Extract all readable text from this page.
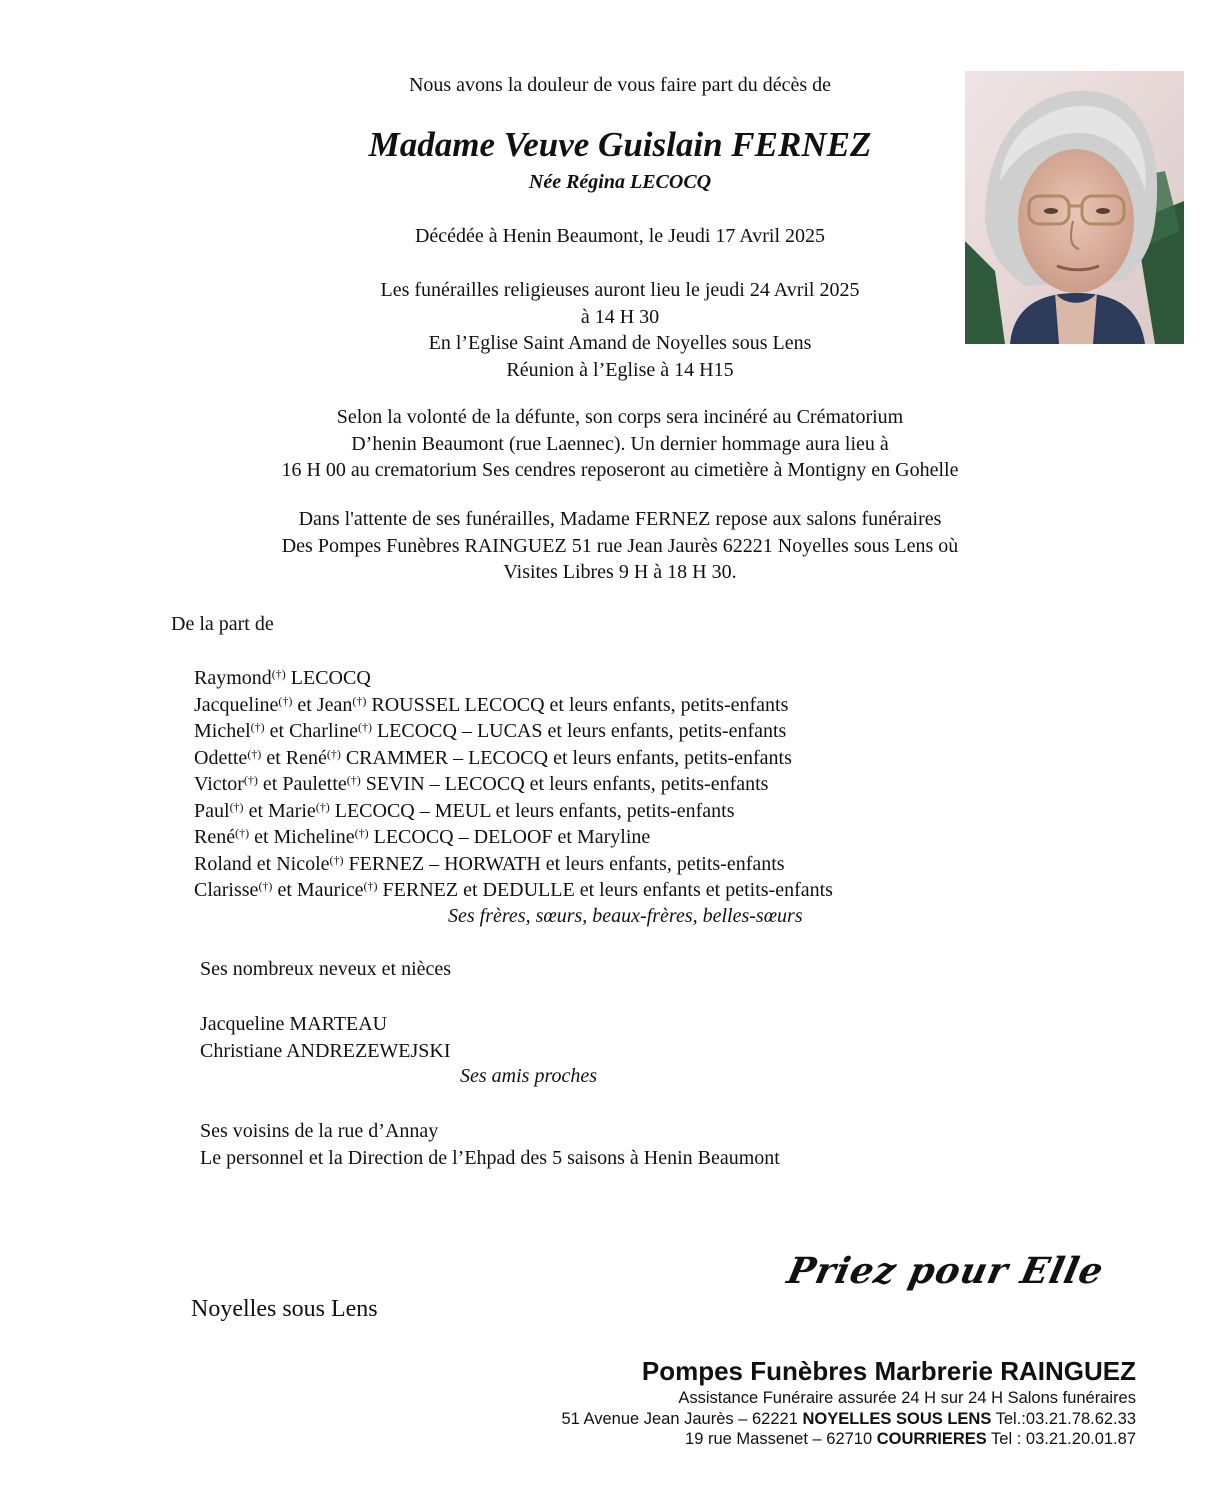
Nous avons la douleur de vous faire part du décès de
Madame Veuve Guislain FERNEZ
Née Régina LECOCQ
Décédée à Henin Beaumont, le Jeudi 17 Avril 2025
Les funérailles religieuses auront lieu le jeudi 24 Avril 2025
à 14 H 30
En l’Eglise Saint Amand de Noyelles sous Lens
Réunion à l’Eglise à 14 H15
Selon la volonté de la défunte, son corps sera incinéré au Crématorium
D’henin Beaumont (rue Laennec). Un dernier hommage aura lieu à
16 H 00 au crematorium Ses cendres reposeront au cimetière à Montigny en Gohelle
Dans l'attente de ses funérailles, Madame FERNEZ repose aux salons funéraires
Des Pompes Funèbres RAINGUEZ 51 rue Jean Jaurès 62221 Noyelles sous Lens où
Visites Libres 9 H à 18 H 30.
De la part de
Raymond(†) LECOCQ
Jacqueline(†) et Jean(†) ROUSSEL LECOCQ et leurs enfants, petits-enfants
Michel(†) et Charline(†) LECOCQ – LUCAS et leurs enfants, petits-enfants
Odette(†) et René(†) CRAMMER – LECOCQ et leurs enfants, petits-enfants
Victor(†) et Paulette(†) SEVIN – LECOCQ et leurs enfants, petits-enfants
Paul(†) et Marie(†) LECOCQ – MEUL et leurs enfants, petits-enfants
René(†) et Micheline(†) LECOCQ – DELOOF et Maryline
Roland et Nicole(†) FERNEZ – HORWATH et leurs enfants, petits-enfants
Clarisse(†) et Maurice(†) FERNEZ et DEDULLE et leurs enfants et petits-enfants
Ses frères, sœurs, beaux-frères, belles-sœurs
Ses nombreux neveux et nièces
Jacqueline MARTEAU
Christiane ANDREZEWEJSKI
Ses amis proches
Ses voisins de la rue d’Annay
Le personnel et la Direction de l’Ehpad des 5 saisons à Henin Beaumont
Priez pour Elle
Noyelles sous Lens
Pompes Funèbres Marbrerie RAINGUEZ
Assistance Funéraire assurée 24 H sur 24 H Salons funéraires
51 Avenue Jean Jaurès – 62221 NOYELLES SOUS LENS Tel.:03.21.78.62.33
19 rue Massenet – 62710 COURRIERES Tel : 03.21.20.01.87
